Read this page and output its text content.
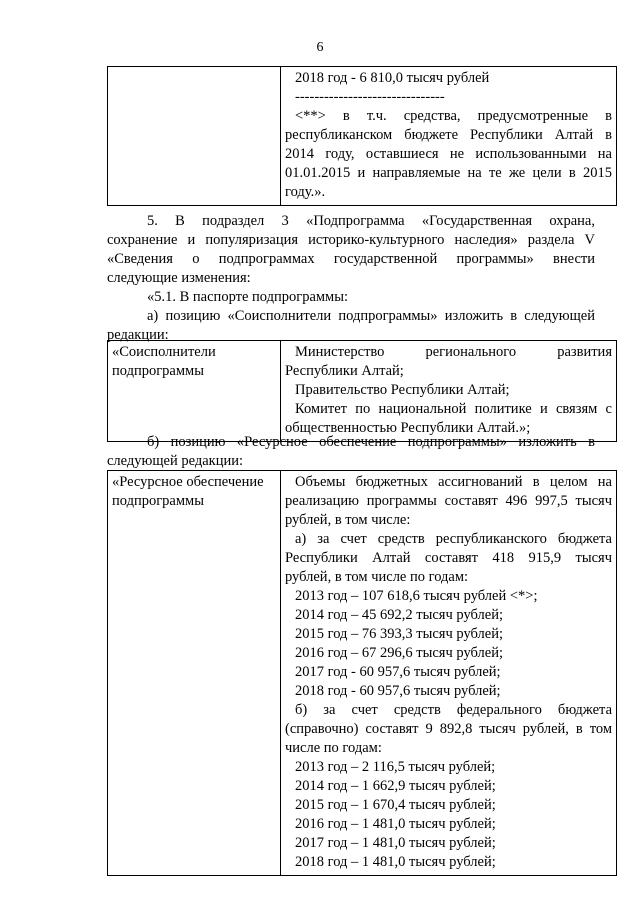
6

2018 год - 6 810,0 тысяч рублей
-------------------------------
<**> в т.ч. средства, предусмотренные в
республиканском бюджете Республики Алтай в
2014 году, оставшиеся не использованными на
01.01.2015 и направляемые на те же цели в 2015
году.».
5. В подраздел 3 «Подпрограмма «Государственная охрана,
сохранение и популяризация историко-культурного наследия» раздела V
«Сведения о подпрограммах государственной программы» внести
следующие изменения:
«5.1. В паспорте подпрограммы:
а) позицию «Соисполнители подпрограммы» изложить в следующей
редакции:
«Соисполнители
подпрограммы

Министерство регионального развития
Республики Алтай;
Правительство Республики Алтай;
Комитет по национальной политике и связям с
общественностью Республики Алтай.»;
б) позицию «Ресурсное обеспечение подпрограммы» изложить в
следующей редакции:
«Ресурсное обеспечение
подпрограммы

Объемы бюджетных ассигнований в целом на
реализацию программы составят 496 997,5 тысяч
рублей, в том числе:
а) за счет средств республиканского бюджета
Республики Алтай составят 418 915,9 тысяч
рублей, в том числе по годам:
2013 год – 107 618,6 тысяч рублей <*>;
2014 год – 45 692,2 тысяч рублей;
2015 год – 76 393,3 тысяч рублей;
2016 год – 67 296,6 тысяч рублей;
2017 год - 60 957,6 тысяч рублей;
2018 год - 60 957,6 тысяч рублей;
б) за счет средств федерального бюджета
(справочно) составят 9 892,8 тысяч рублей, в том
числе по годам:
2013 год – 2 116,5 тысяч рублей;
2014 год – 1 662,9 тысяч рублей;
2015 год – 1 670,4 тысяч рублей;
2016 год – 1 481,0 тысяч рублей;
2017 год – 1 481,0 тысяч рублей;
2018 год – 1 481,0 тысяч рублей;
